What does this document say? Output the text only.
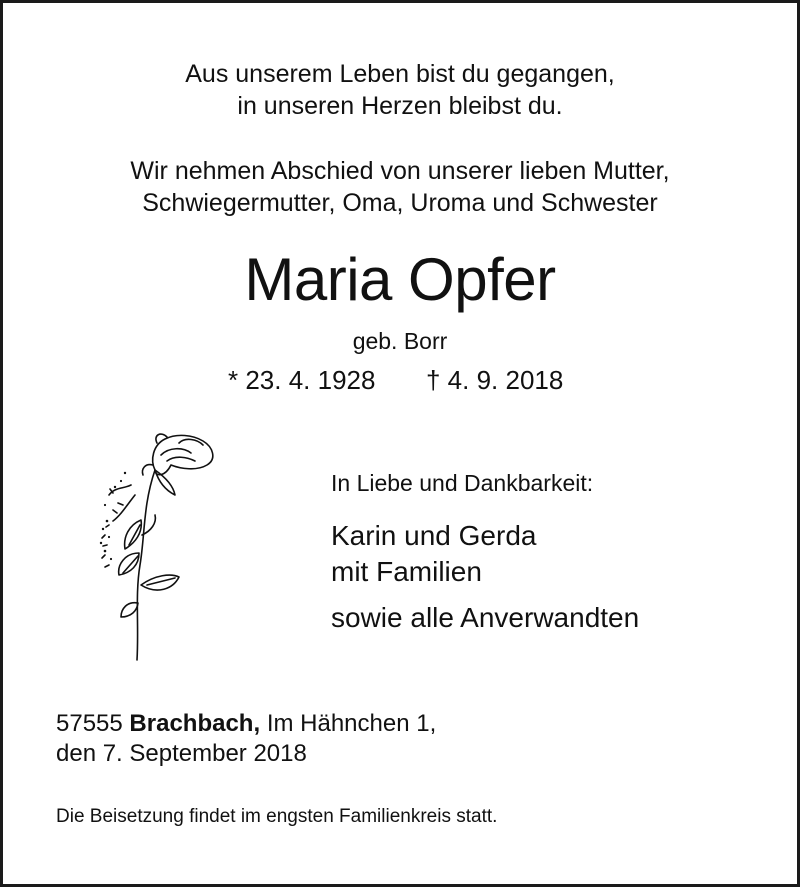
Aus unserem Leben bist du gegangen,
in unseren Herzen bleibst du.
Wir nehmen Abschied von unserer lieben Mutter,
Schwiegermutter, Oma, Uroma und Schwester
Maria Opfer
geb. Borr
* 23. 4. 1928 † 4. 9. 2018
In Liebe und Dankbarkeit:
Karin und Gerda
mit Familien
sowie alle Anverwandten
57555 Brachbach, Im Hähnchen 1,
den 7. September 2018
Die Beisetzung findet im engsten Familienkreis statt.
